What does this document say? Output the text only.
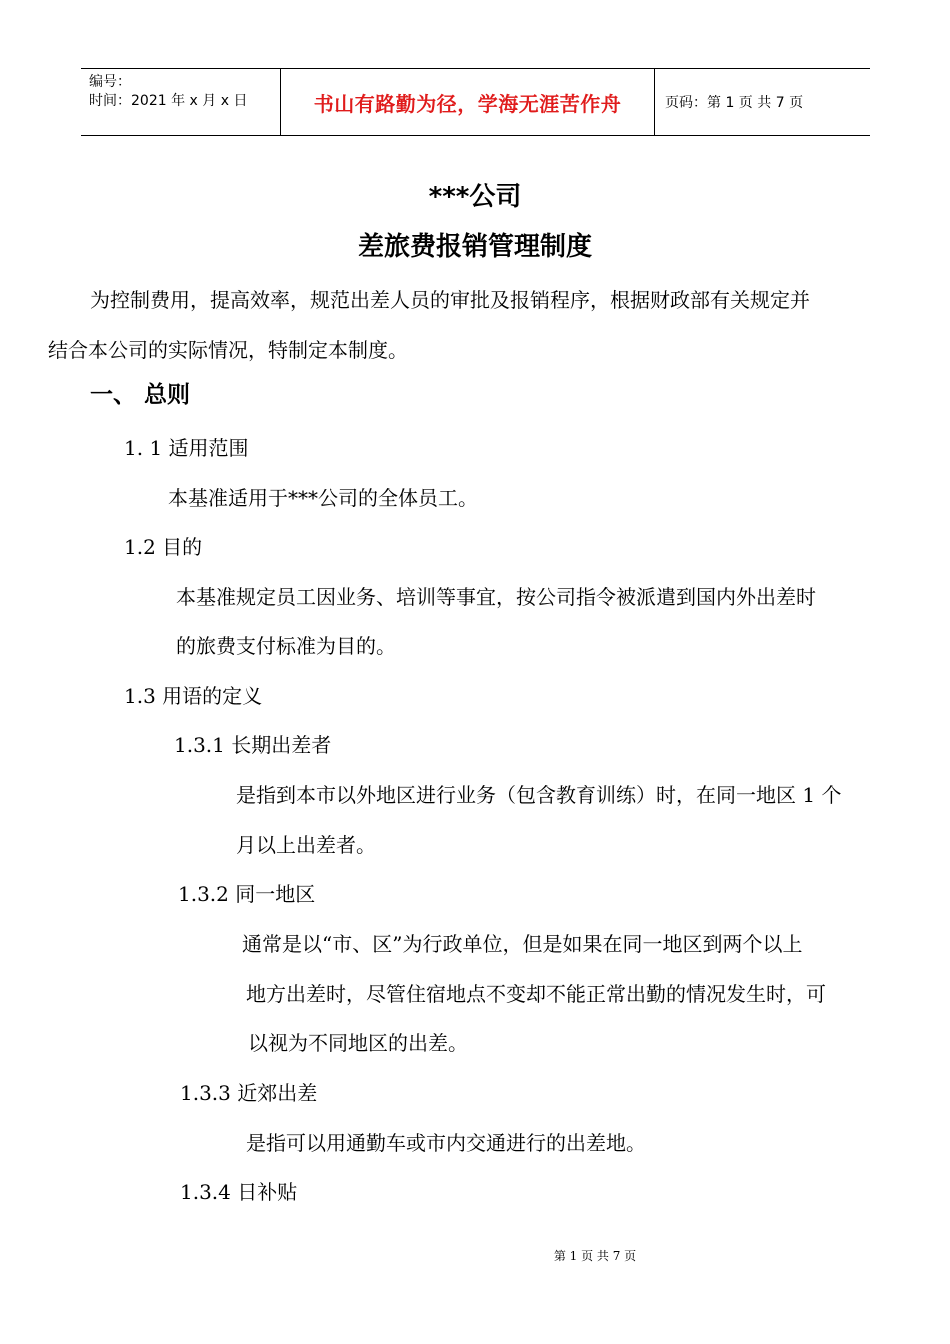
编号：
时间：2021 年 x 月 x 日	书山有路勤为径，学海无涯苦作舟	页码：第 1 页 共 7 页
***公司
差旅费报销管理制度
为控制费用，提高效率，规范出差人员的审批及报销程序，根据财政部有关规定并
结合本公司的实际情况，特制定本制度。
一、 总则
1. 1 适用范围
本基准适用于***公司的全体员工。
1.2 目的
本基准规定员工因业务、培训等事宜，按公司指令被派遣到国内外出差时
的旅费支付标准为目的。
1.3 用语的定义
1.3.1 长期出差者
是指到本市以外地区进行业务（包含教育训练）时，在同一地区 1 个
月以上出差者。
1.3.2 同一地区
通常是以“市、区”为行政单位，但是如果在同一地区到两个以上
地方出差时，尽管住宿地点不变却不能正常出勤的情况发生时，可
以视为不同地区的出差。
1.3.3 近郊出差
是指可以用通勤车或市内交通进行的出差地。
1.3.4 日补贴
第 1 页 共 7 页
